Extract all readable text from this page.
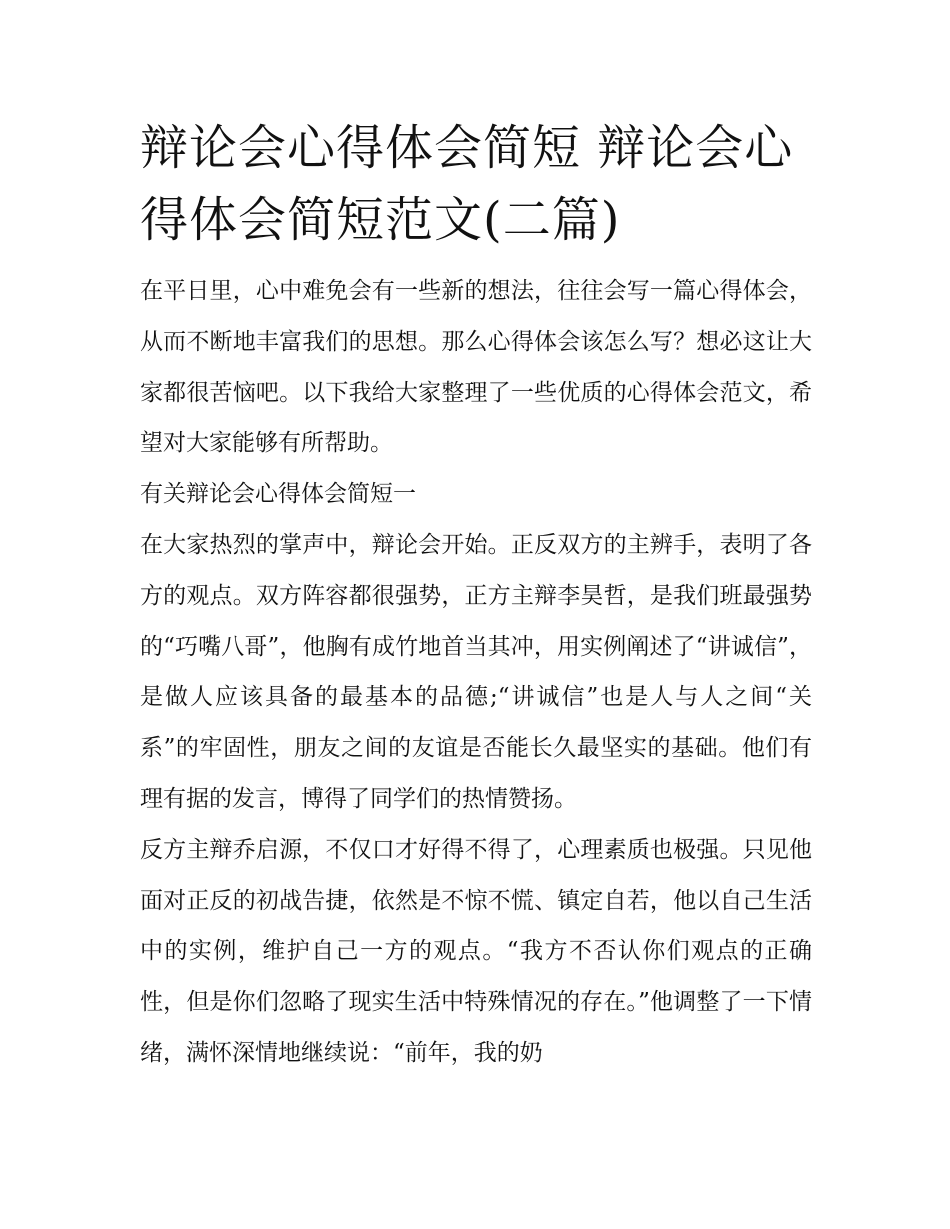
辩论会心得体会简短 辩论会心得体会简短范文(二篇)

在平日里，心中难免会有一些新的想法，往往会写一篇心得体会，从而不断地丰富我们的思想。那么心得体会该怎么写？想必这让大家都很苦恼吧。以下我给大家整理了一些优质的心得体会范文，希望对大家能够有所帮助。

有关辩论会心得体会简短一

在大家热烈的掌声中，辩论会开始。正反双方的主辨手，表明了各方的观点。双方阵容都很强势，正方主辩李昊哲，是我们班最强势的“巧嘴八哥”，他胸有成竹地首当其冲，用实例阐述了“讲诚信”，是做人应该具备的最基本的品德;“讲诚信”也是人与人之间“关系”的牢固性，朋友之间的友谊是否能长久最坚实的基础。他们有理有据的发言，博得了同学们的热情赞扬。

反方主辩乔启源，不仅口才好得不得了，心理素质也极强。只见他面对正反的初战告捷，依然是不惊不慌、镇定自若，他以自己生活中的实例，维护自己一方的观点。“我方不否认你们观点的正确性，但是你们忽略了现实生活中特殊情况的存在。”他调整了一下情绪，满怀深情地继续说：“前年，我的奶
